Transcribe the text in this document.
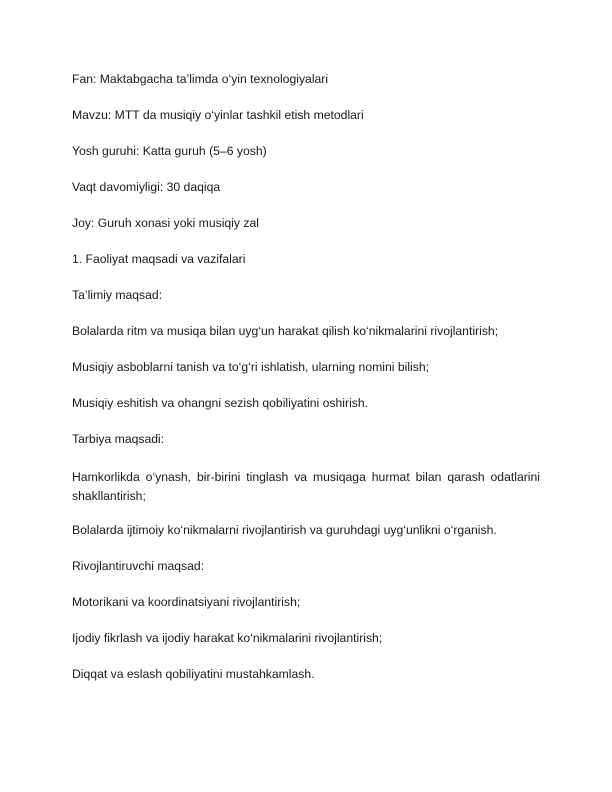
Fan: Maktabgacha ta’limda o‘yin texnologiyalari

Mavzu: MTT da musiqiy o‘yinlar tashkil etish metodlari

Yosh guruhi: Katta guruh (5–6 yosh)

Vaqt davomiyligi: 30 daqiqa

Joy: Guruh xonasi yoki musiqiy zal

1. Faoliyat maqsadi va vazifalari

Ta’limiy maqsad:

Bolalarda ritm va musiqa bilan uyg‘un harakat qilish ko‘nikmalarini rivojlantirish;

Musiqiy asboblarni tanish va to‘g‘ri ishlatish, ularning nomini bilish;

Musiqiy eshitish va ohangni sezish qobiliyatini oshirish.

Tarbiya maqsadi:

Hamkorlikda o‘ynash, bir-birini tinglash va musiqaga hurmat bilan qarash odatlarini shakllantirish;

Bolalarda ijtimoiy ko‘nikmalarni rivojlantirish va guruhdagi uyg‘unlikni o‘rganish.

Rivojlantiruvchi maqsad:

Motorikani va koordinatsiyani rivojlantirish;

Ijodiy fikrlash va ijodiy harakat ko‘nikmalarini rivojlantirish;

Diqqat va eslash qobiliyatini mustahkamlash.
